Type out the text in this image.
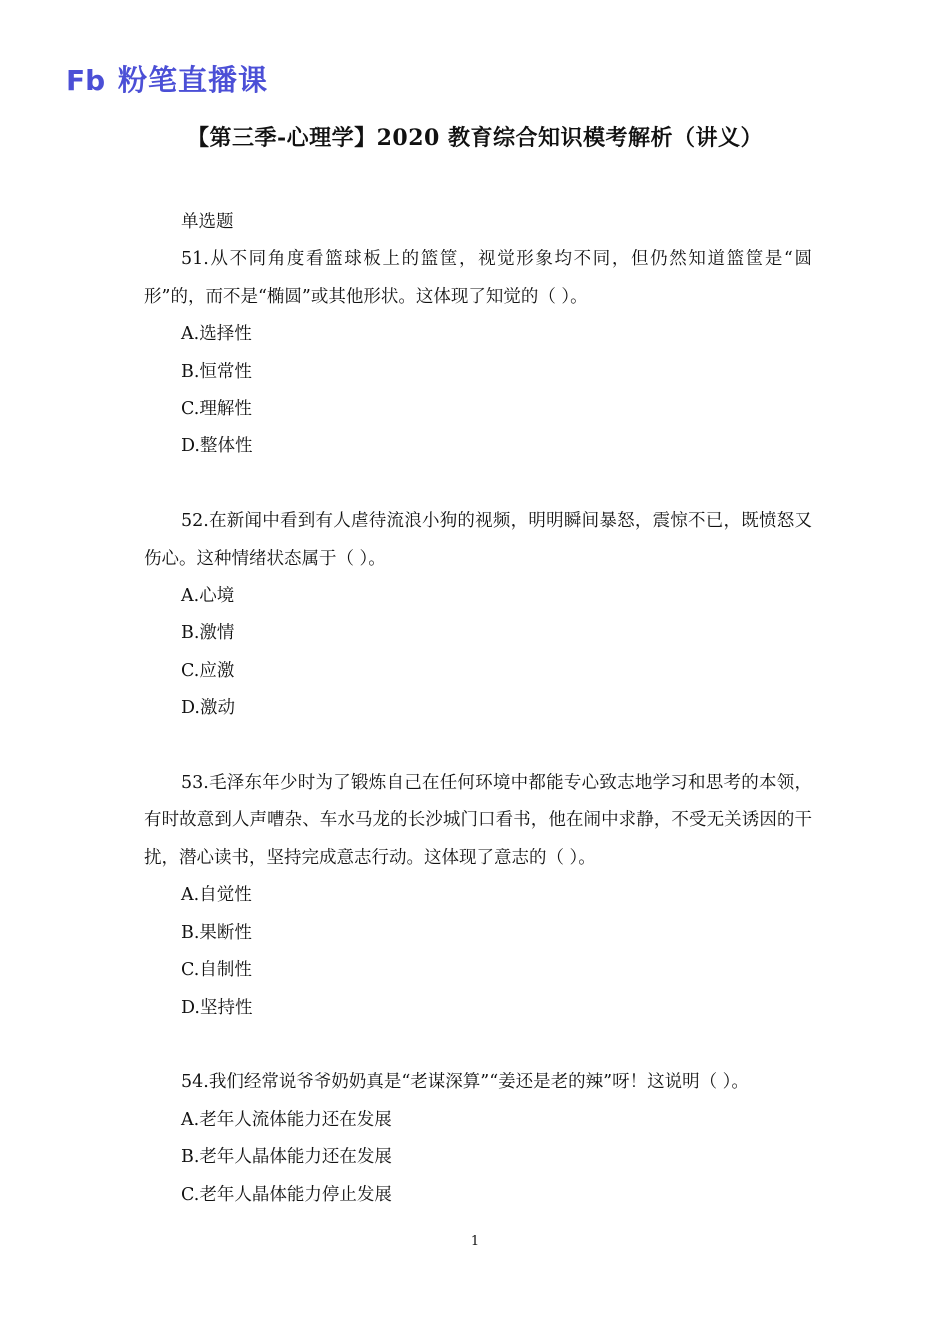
Fb 粉笔直播课
【第三季-心理学】2020 教育综合知识模考解析（讲义）
单选题
51.从不同角度看篮球板上的篮筐，视觉形象均不同，但仍然知道篮筐是“圆形”的，而不是“椭圆”或其他形状。这体现了知觉的（ ）。
A.选择性
B.恒常性
C.理解性
D.整体性
52.在新闻中看到有人虐待流浪小狗的视频，明明瞬间暴怒，震惊不已，既愤怒又伤心。这种情绪状态属于（ ）。
A.心境
B.激情
C.应激
D.激动
53.毛泽东年少时为了锻炼自己在任何环境中都能专心致志地学习和思考的本领，有时故意到人声嘈杂、车水马龙的长沙城门口看书，他在闹中求静，不受无关诱因的干扰，潜心读书，坚持完成意志行动。这体现了意志的（ ）。
A.自觉性
B.果断性
C.自制性
D.坚持性
54.我们经常说爷爷奶奶真是“老谋深算”“姜还是老的辣”呀！这说明（ ）。
A.老年人流体能力还在发展
B.老年人晶体能力还在发展
C.老年人晶体能力停止发展
1
